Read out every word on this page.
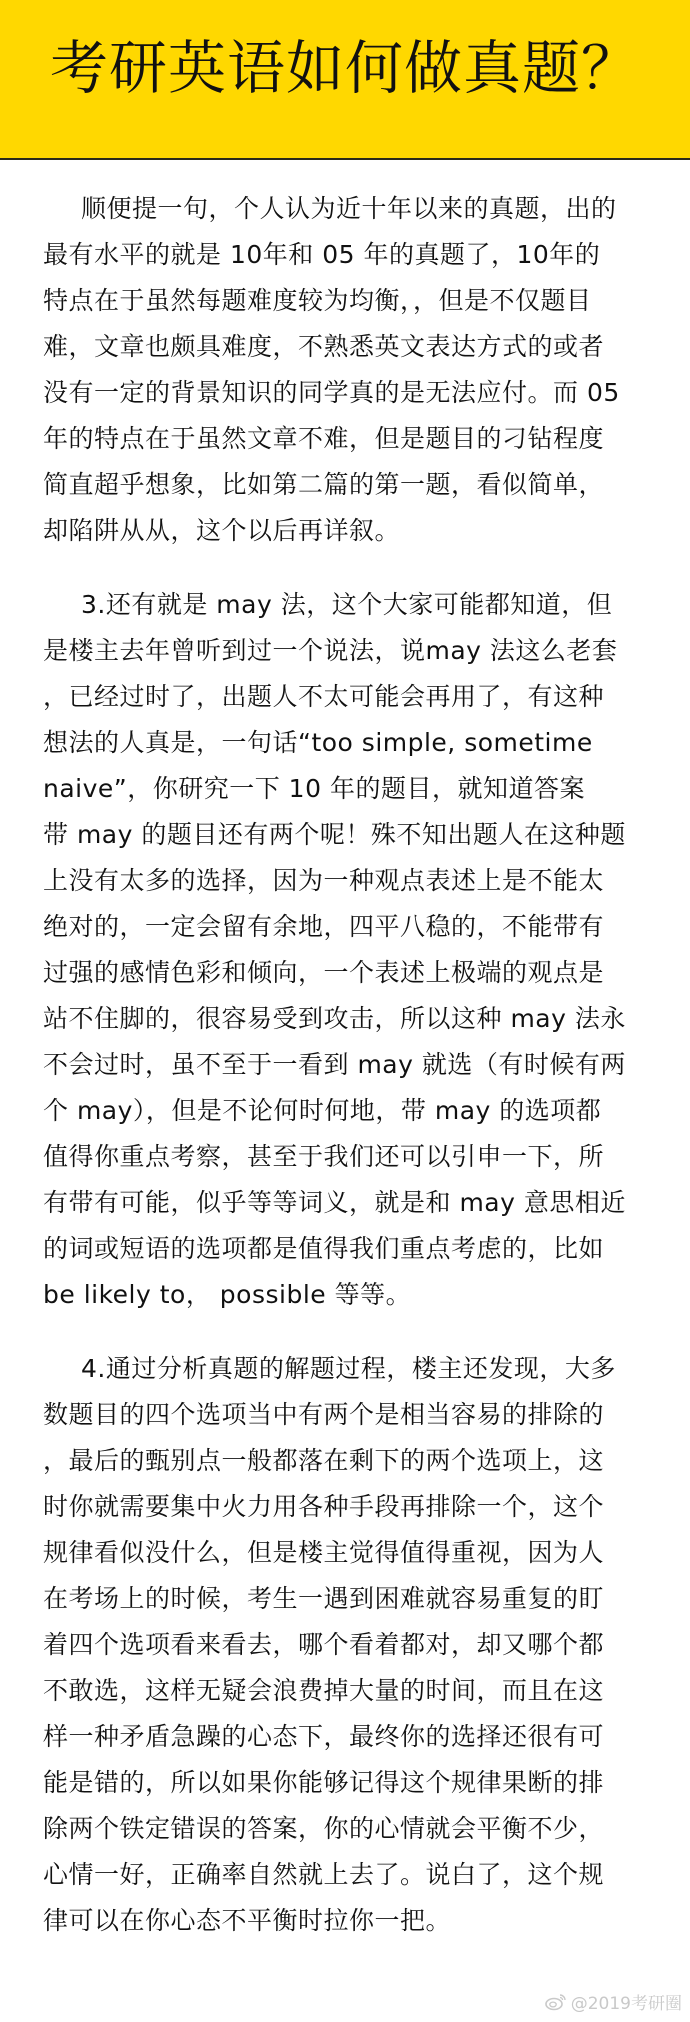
考研英语如何做真题？

顺便提一句，个人认为近十年以来的真题，出的
最有水平的就是 10年和 05 年的真题了，10年的
特点在于虽然每题难度较为均衡，，但是不仅题目
难，文章也颇具难度，不熟悉英文表达方式的或者
没有一定的背景知识的同学真的是无法应付。而 05
年的特点在于虽然文章不难，但是题目的刁钻程度
简直超乎想象，比如第二篇的第一题，看似简单，
却陷阱从从，这个以后再详叙。

3.还有就是 may 法，这个大家可能都知道，但
是楼主去年曾听到过一个说法，说may 法这么老套
，已经过时了，出题人不太可能会再用了，有这种
想法的人真是，一句话“too simple, sometime
naive”，你研究一下 10 年的题目，就知道答案
带 may 的题目还有两个呢！殊不知出题人在这种题
上没有太多的选择，因为一种观点表述上是不能太
绝对的，一定会留有余地，四平八稳的，不能带有
过强的感情色彩和倾向，一个表述上极端的观点是
站不住脚的，很容易受到攻击，所以这种 may 法永
不会过时，虽不至于一看到 may 就选（有时候有两
个 may），但是不论何时何地，带 may 的选项都
值得你重点考察，甚至于我们还可以引申一下，所
有带有可能，似乎等等词义，就是和 may 意思相近
的词或短语的选项都是值得我们重点考虑的，比如
be likely to， possible 等等。

4.通过分析真题的解题过程，楼主还发现，大多
数题目的四个选项当中有两个是相当容易的排除的
，最后的甄别点一般都落在剩下的两个选项上，这
时你就需要集中火力用各种手段再排除一个，这个
规律看似没什么，但是楼主觉得值得重视，因为人
在考场上的时候，考生一遇到困难就容易重复的盯
着四个选项看来看去，哪个看着都对，却又哪个都
不敢选，这样无疑会浪费掉大量的时间，而且在这
样一种矛盾急躁的心态下，最终你的选择还很有可
能是错的，所以如果你能够记得这个规律果断的排
除两个铁定错误的答案，你的心情就会平衡不少，
心情一好，正确率自然就上去了。说白了，这个规
律可以在你心态不平衡时拉你一把。

@2019考研圈
